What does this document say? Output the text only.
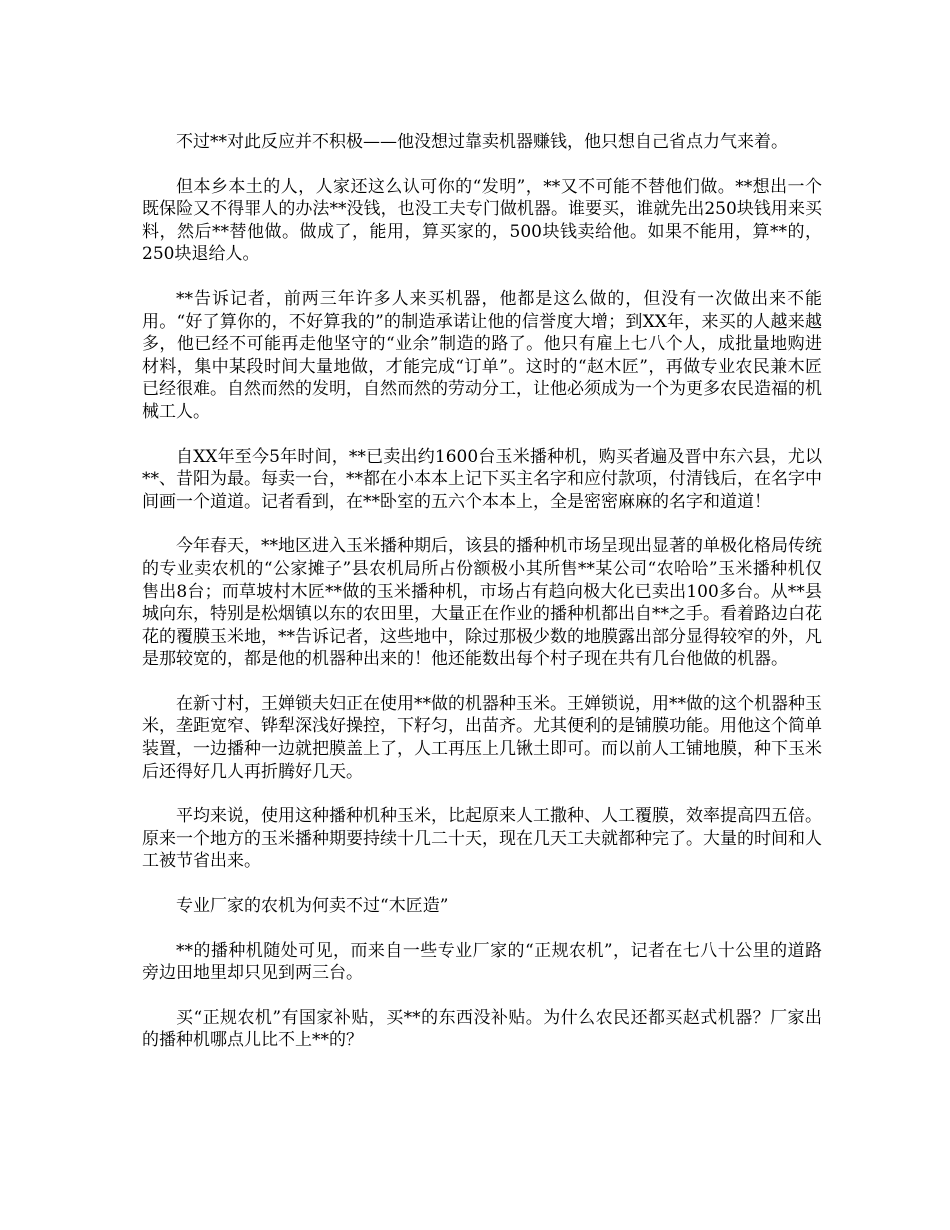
不过**对此反应并不积极——他没想过靠卖机器赚钱，他只想自己省点力气来着。

但本乡本土的人，人家还这么认可你的“发明”，**又不可能不替他们做。**想出一个既保险又不得罪人的办法**没钱，也没工夫专门做机器。谁要买，谁就先出250块钱用来买料，然后**替他做。做成了，能用，算买家的，500块钱卖给他。如果不能用，算**的，250块退给人。

**告诉记者，前两三年许多人来买机器，他都是这么做的，但没有一次做出来不能用。“好了算你的，不好算我的”的制造承诺让他的信誉度大增；到XX年，来买的人越来越多，他已经不可能再走他坚守的“业余”制造的路了。他只有雇上七八个人，成批量地购进材料，集中某段时间大量地做，才能完成“订单”。这时的“赵木匠”，再做专业农民兼木匠已经很难。自然而然的发明，自然而然的劳动分工，让他必须成为一个为更多农民造福的机械工人。

自XX年至今5年时间，**已卖出约1600台玉米播种机，购买者遍及晋中东六县，尤以**、昔阳为最。每卖一台，**都在小本本上记下买主名字和应付款项，付清钱后，在名字中间画一个道道。记者看到，在**卧室的五六个本本上，全是密密麻麻的名字和道道！

今年春天，**地区进入玉米播种期后，该县的播种机市场呈现出显著的单极化格局传统的专业卖农机的“公家摊子”县农机局所占份额极小其所售**某公司“农哈哈”玉米播种机仅售出8台；而草坡村木匠**做的玉米播种机，市场占有趋向极大化已卖出100多台。从**县城向东，特别是松烟镇以东的农田里，大量正在作业的播种机都出自**之手。看着路边白花花的覆膜玉米地，**告诉记者，这些地中，除过那极少数的地膜露出部分显得较窄的外，凡是那较宽的，都是他的机器种出来的！他还能数出每个村子现在共有几台他做的机器。

在新寸村，王婵锁夫妇正在使用**做的机器种玉米。王婵锁说，用**做的这个机器种玉米，垄距宽窄、铧犁深浅好操控，下籽匀，出苗齐。尤其便利的是铺膜功能。用他这个简单装置，一边播种一边就把膜盖上了，人工再压上几锹土即可。而以前人工铺地膜，种下玉米后还得好几人再折腾好几天。

平均来说，使用这种播种机种玉米，比起原来人工撒种、人工覆膜，效率提高四五倍。原来一个地方的玉米播种期要持续十几二十天，现在几天工夫就都种完了。大量的时间和人工被节省出来。

专业厂家的农机为何卖不过“木匠造”

**的播种机随处可见，而来自一些专业厂家的“正规农机”，记者在七八十公里的道路旁边田地里却只见到两三台。

买“正规农机”有国家补贴，买**的东西没补贴。为什么农民还都买赵式机器？厂家出的播种机哪点儿比不上**的？
